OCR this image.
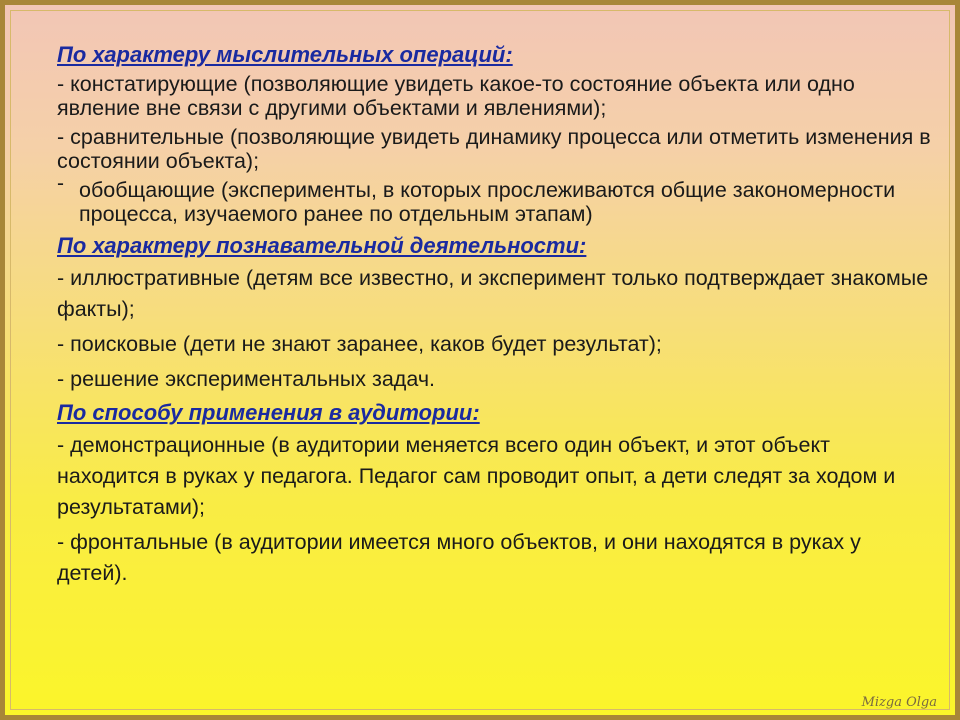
По характеру мыслительных операций:

- констатирующие (позволяющие увидеть какое-то состояние объекта или одно явление вне связи с другими объектами и явлениями);

- сравнительные (позволяющие увидеть динамику процесса или отметить изменения в состоянии объекта);

- обобщающие (эксперименты, в которых прослеживаются общие закономерности процесса, изучаемого ранее по отдельным этапам)

По характеру познавательной деятельности:

- иллюстративные (детям все известно, и эксперимент только подтверждает знакомые факты);

- поисковые (дети не знают заранее, каков будет результат);

- решение экспериментальных задач.

По способу применения в аудитории:

- демонстрационные (в аудитории меняется всего один объект, и этот объект находится в руках у педагога. Педагог сам проводит опыт, а дети следят за ходом и результатами);

- фронтальные (в аудитории имеется много объектов, и они находятся в руках у детей).

Mizga Olga
